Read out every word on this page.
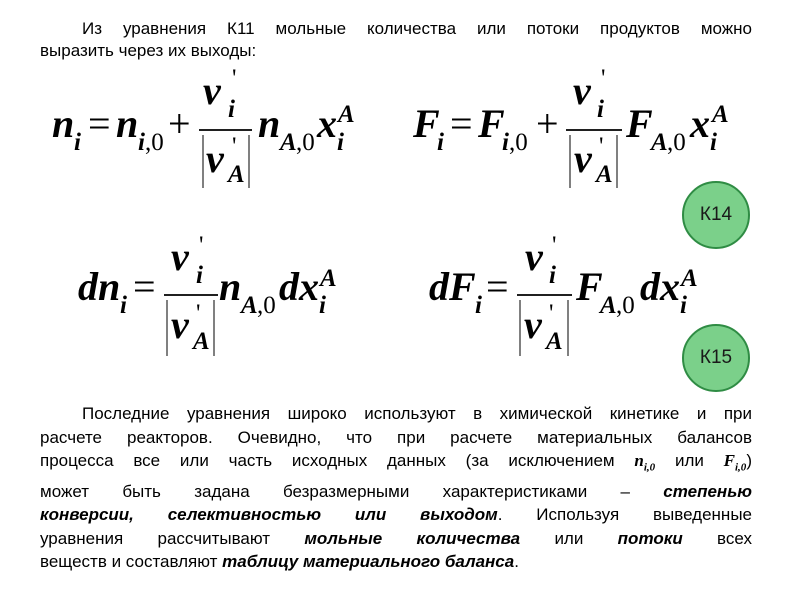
Из уравнения К11 мольные количества или потоки продуктов можно
выразить через их выходы:
n i = n i ,0 +
ν '
i
ν '
A
n A ,0 x i
A F
i = F
i ,0 +
ν '
i
ν '
A
F
A ,0 x i
A
dn i =
ν '
i
ν '
A
n A ,0 dx i
A dF i =
ν '
i
ν '
A
F
A ,0 dx i
A
К14
К15
Последние уравнения широко используют в химической кинетике и при
расчете реакторов. Очевидно, что при расчете материальных балансов
процесса все или часть исходных данных (за исключением $n_{i,0}$ или $F_{i,0}$)
может быть задана безразмерными характеристиками – степенью
конверсии, селективностью или выходом. Используя выведенные
уравнения рассчитывают мольные количества или потоки всех
веществ и составляют таблицу материального баланса.
